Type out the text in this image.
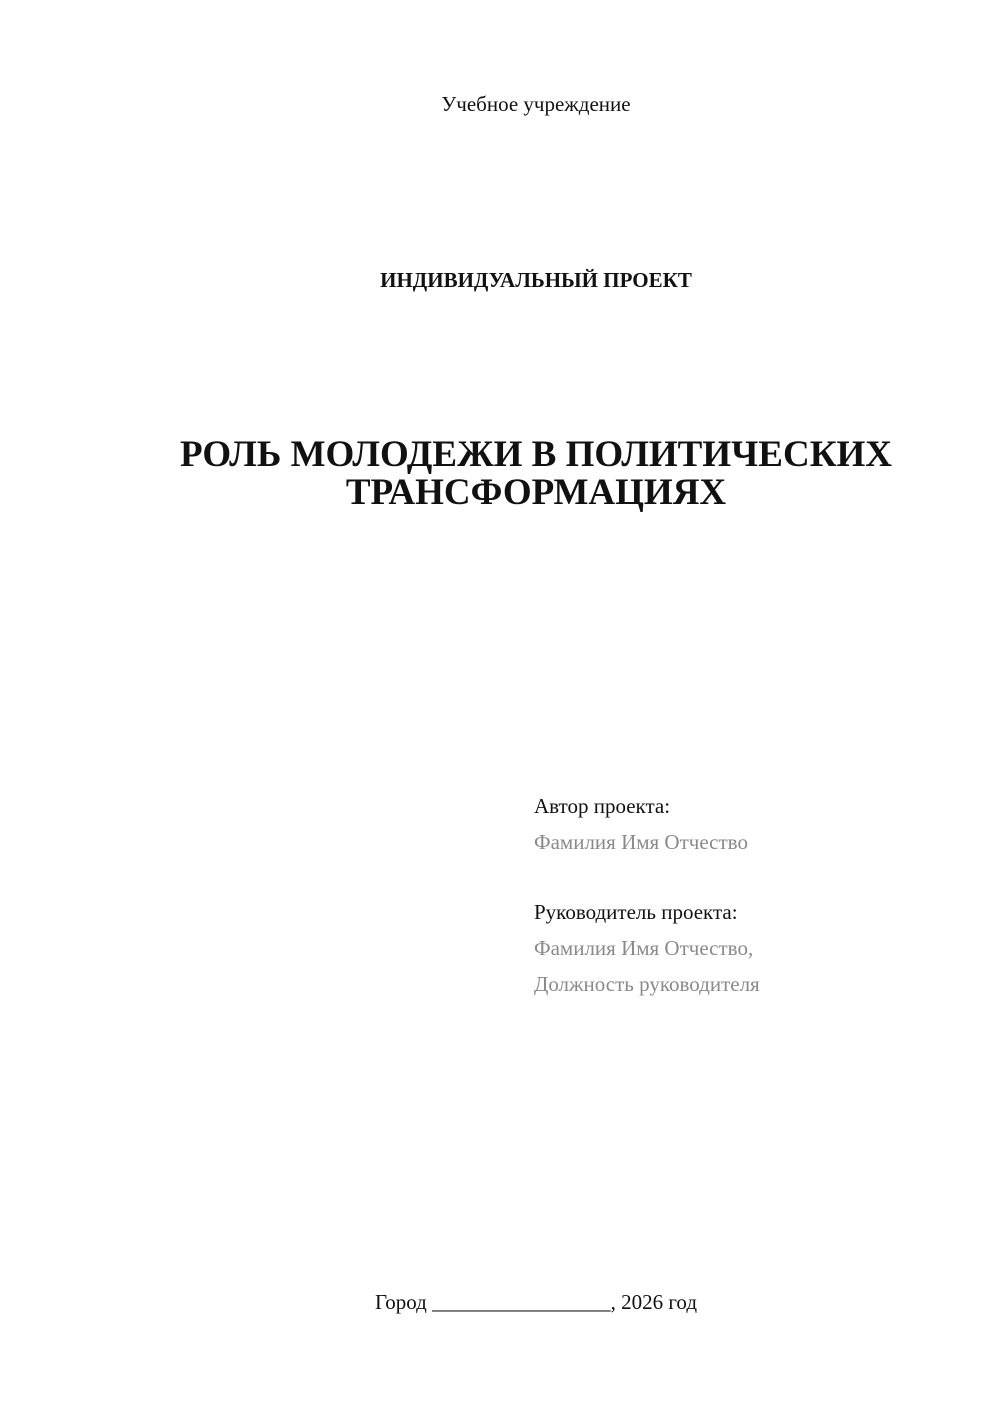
Учебное учреждение
ИНДИВИДУАЛЬНЫЙ ПРОЕКТ
РОЛЬ МОЛОДЕЖИ В ПОЛИТИЧЕСКИХ
ТРАНСФОРМАЦИЯХ
Автор проекта:
Фамилия Имя Отчество
Руководитель проекта:
Фамилия Имя Отчество,
Должность руководителя
Город _________________, 2026 год
